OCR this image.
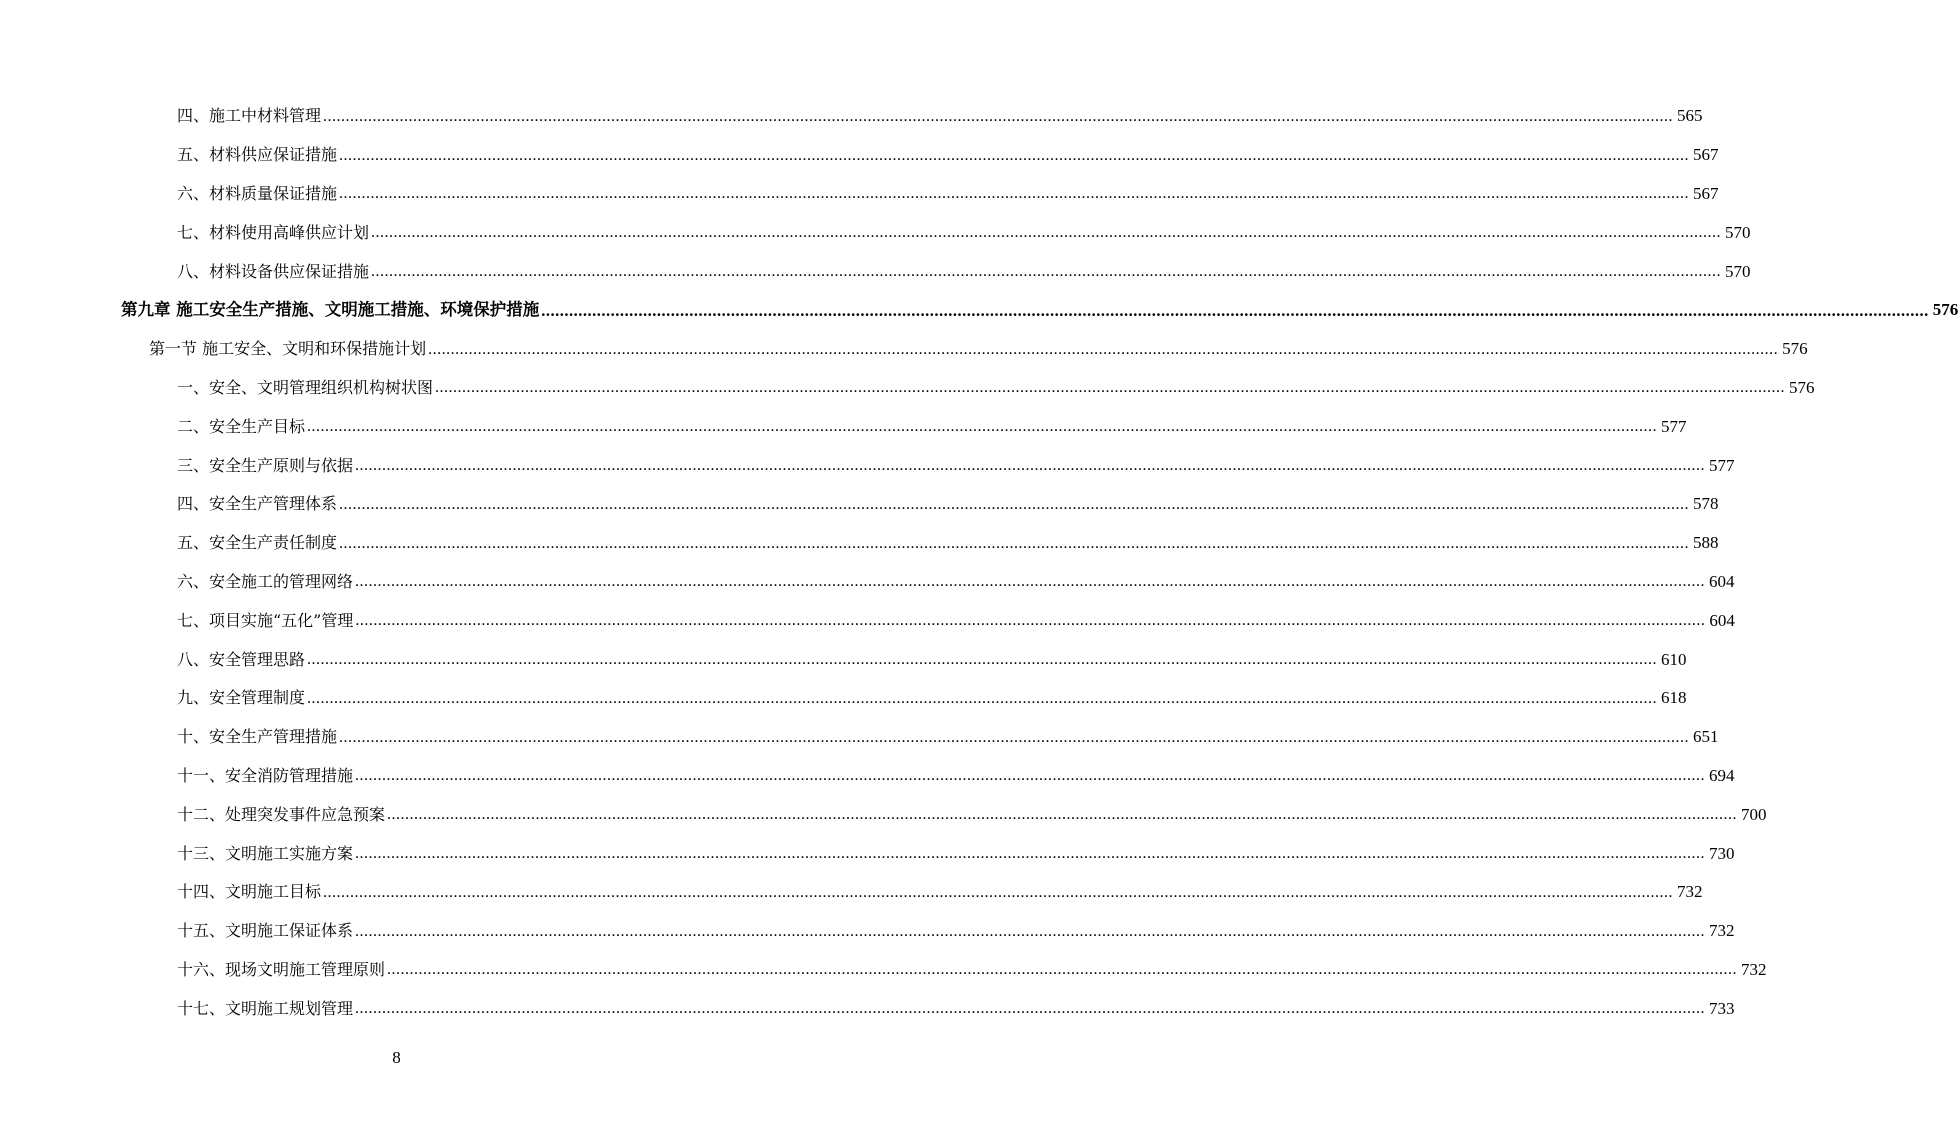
四、施工中材料管理 ............................................................................................................................................................................................................................................................................................................ 565
五、材料供应保证措施 ............................................................................................................................................................................................................................................................................................................ 567
六、材料质量保证措施 ............................................................................................................................................................................................................................................................................................................ 567
七、材料使用高峰供应计划 ............................................................................................................................................................................................................................................................................................................ 570
八、材料设备供应保证措施 ............................................................................................................................................................................................................................................................................................................ 570
第九章 施工安全生产措施、文明施工措施、环境保护措施 ............................................................................................................................................................................................................................................................................................................ 576
第一节 施工安全、文明和环保措施计划 ............................................................................................................................................................................................................................................................................................................ 576
一、安全、文明管理组织机构树状图 ............................................................................................................................................................................................................................................................................................................ 576
二、安全生产目标 ............................................................................................................................................................................................................................................................................................................ 577
三、安全生产原则与依据 ............................................................................................................................................................................................................................................................................................................ 577
四、安全生产管理体系 ............................................................................................................................................................................................................................................................................................................ 578
五、安全生产责任制度 ............................................................................................................................................................................................................................................................................................................ 588
六、安全施工的管理网络 ............................................................................................................................................................................................................................................................................................................ 604
七、项目实施“五化”管理 ............................................................................................................................................................................................................................................................................................................ 604
八、安全管理思路 ............................................................................................................................................................................................................................................................................................................ 610
九、安全管理制度 ............................................................................................................................................................................................................................................................................................................ 618
十、安全生产管理措施 ............................................................................................................................................................................................................................................................................................................ 651
十一、安全消防管理措施 ............................................................................................................................................................................................................................................................................................................ 694
十二、处理突发事件应急预案 ............................................................................................................................................................................................................................................................................................................ 700
十三、文明施工实施方案 ............................................................................................................................................................................................................................................................................................................ 730
十四、文明施工目标 ............................................................................................................................................................................................................................................................................................................ 732
十五、文明施工保证体系 ............................................................................................................................................................................................................................................................................................................ 732
十六、现场文明施工管理原则 ............................................................................................................................................................................................................................................................................................................ 732
十七、文明施工规划管理 ............................................................................................................................................................................................................................................................................................................ 733
8
